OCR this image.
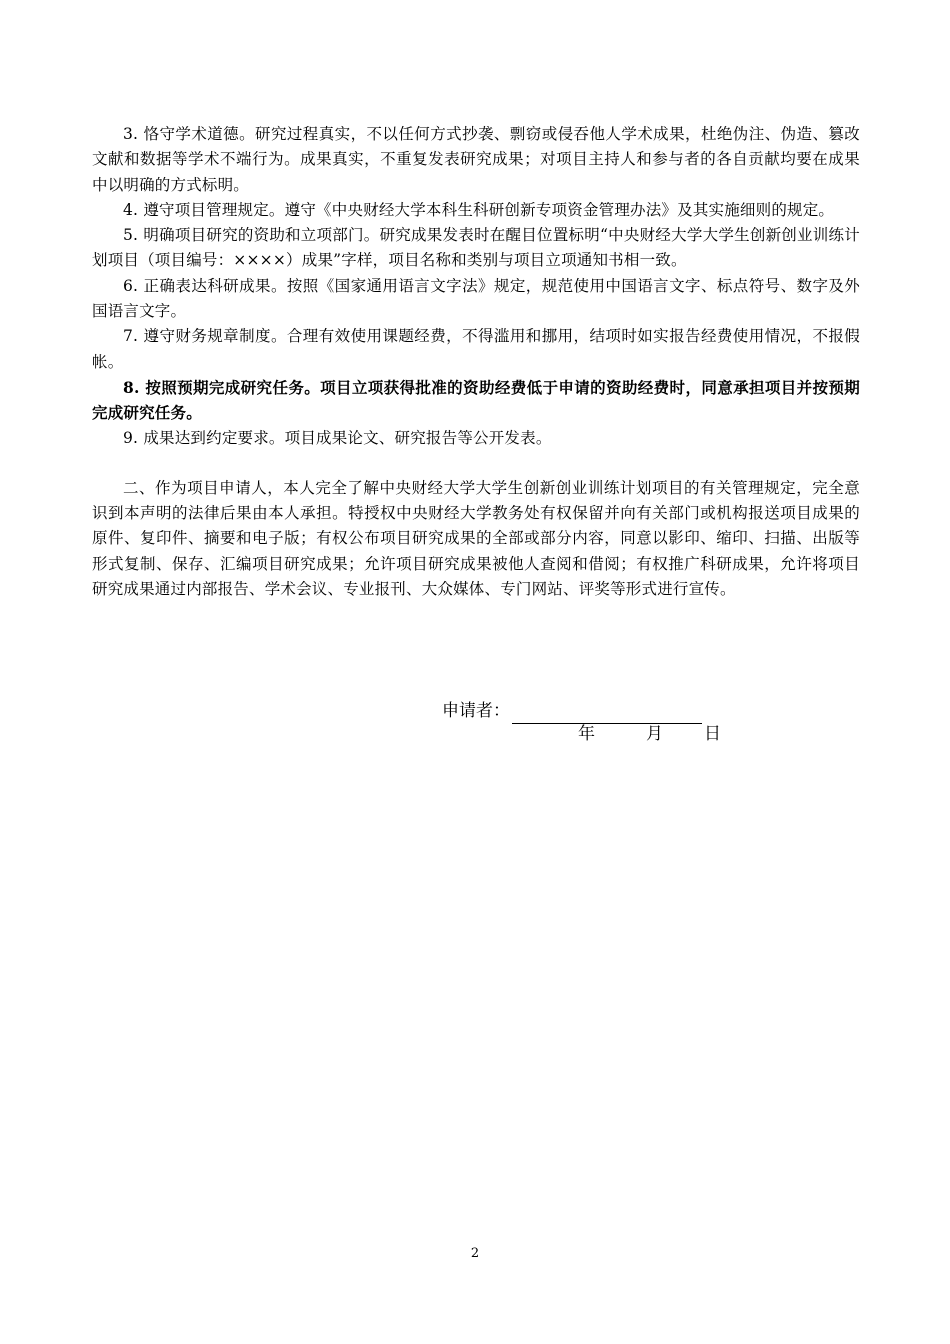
3. 恪守学术道德。研究过程真实，不以任何方式抄袭、剽窃或侵吞他人学术成果，杜绝伪注、伪造、篡改文献和数据等学术不端行为。成果真实，不重复发表研究成果；对项目主持人和参与者的各自贡献均要在成果中以明确的方式标明。

4. 遵守项目管理规定。遵守《中央财经大学本科生科研创新专项资金管理办法》及其实施细则的规定。

5. 明确项目研究的资助和立项部门。研究成果发表时在醒目位置标明“中央财经大学大学生创新创业训练计划项目（项目编号：××××）成果”字样，项目名称和类别与项目立项通知书相一致。

6. 正确表达科研成果。按照《国家通用语言文字法》规定，规范使用中国语言文字、标点符号、数字及外国语言文字。

7. 遵守财务规章制度。合理有效使用课题经费，不得滥用和挪用，结项时如实报告经费使用情况，不报假帐。

8. 按照预期完成研究任务。项目立项获得批准的资助经费低于申请的资助经费时，同意承担项目并按预期完成研究任务。

9. 成果达到约定要求。项目成果论文、研究报告等公开发表。

二、作为项目申请人，本人完全了解中央财经大学大学生创新创业训练计划项目的有关管理规定，完全意识到本声明的法律后果由本人承担。特授权中央财经大学教务处有权保留并向有关部门或机构报送项目成果的原件、复印件、摘要和电子版；有权公布项目研究成果的全部或部分内容，同意以影印、缩印、扫描、出版等形式复制、保存、汇编项目研究成果；允许项目研究成果被他人查阅和借阅；有权推广科研成果，允许将项目研究成果通过内部报告、学术会议、专业报刊、大众媒体、专门网站、评奖等形式进行宣传。

申请者：
年	月 日
2
